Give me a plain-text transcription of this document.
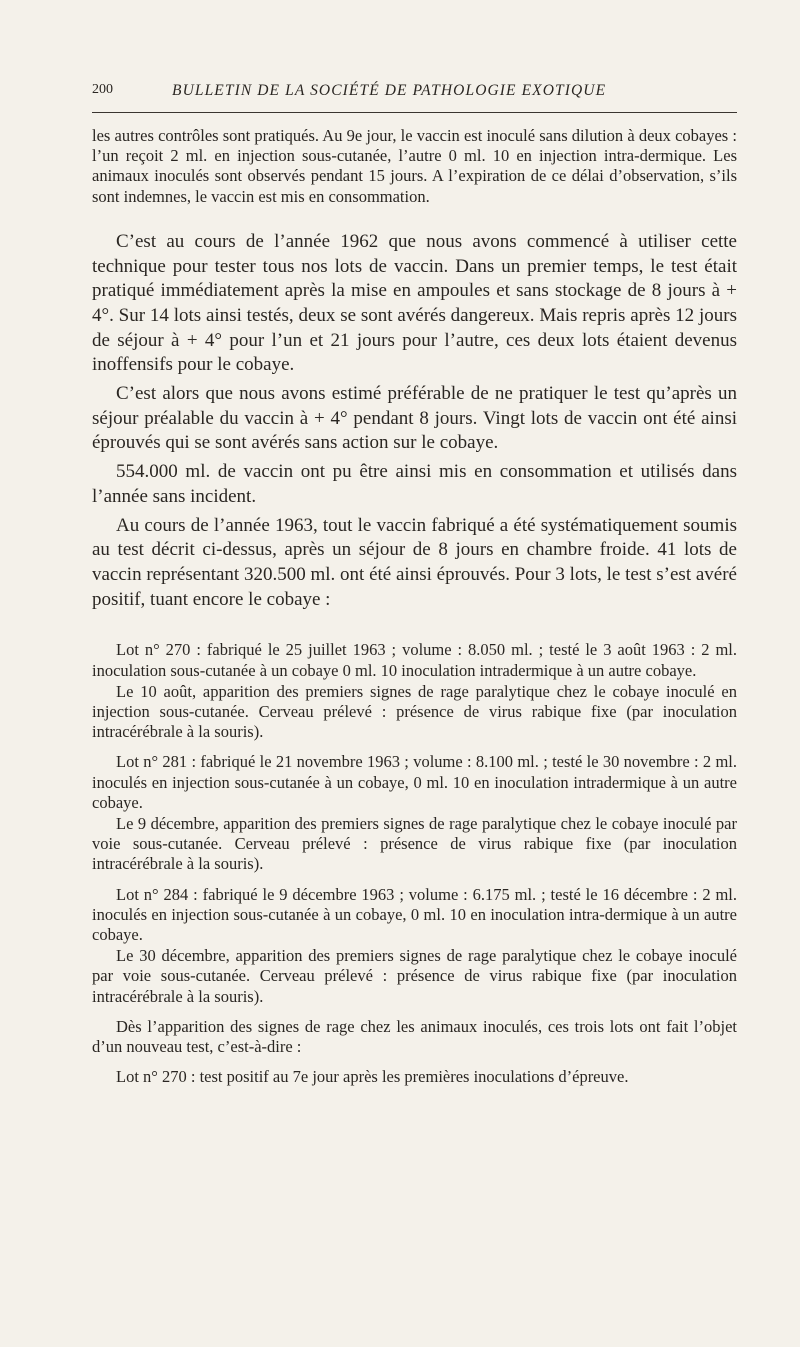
200	BULLETIN DE LA SOCIÉTÉ DE PATHOLOGIE EXOTIQUE

les autres contrôles sont pratiqués. Au 9e jour, le vaccin est inoculé sans dilution à deux cobayes : l’un reçoit 2 ml. en injection sous-cutanée, l’autre 0 ml. 10 en injection intra-dermique. Les animaux inoculés sont observés pendant 15 jours. A l’expiration de ce délai d’observation, s’ils sont indemnes, le vaccin est mis en consommation.

C’est au cours de l’année 1962 que nous avons commencé à utiliser cette technique pour tester tous nos lots de vaccin. Dans un premier temps, le test était pratiqué immédiatement après la mise en ampoules et sans stockage de 8 jours à + 4°. Sur 14 lots ainsi testés, deux se sont avérés dangereux. Mais repris après 12 jours de séjour à + 4° pour l’un et 21 jours pour l’autre, ces deux lots étaient devenus inoffensifs pour le cobaye.

C’est alors que nous avons estimé préférable de ne pratiquer le test qu’après un séjour préalable du vaccin à + 4° pendant 8 jours. Vingt lots de vaccin ont été ainsi éprouvés qui se sont avérés sans action sur le cobaye.

554.000 ml. de vaccin ont pu être ainsi mis en consommation et utilisés dans l’année sans incident.

Au cours de l’année 1963, tout le vaccin fabriqué a été systématiquement soumis au test décrit ci-dessus, après un séjour de 8 jours en chambre froide. 41 lots de vaccin représentant 320.500 ml. ont été ainsi éprouvés. Pour 3 lots, le test s’est avéré positif, tuant encore le cobaye :

Lot n° 270 : fabriqué le 25 juillet 1963 ; volume : 8.050 ml. ; testé le 3 août 1963 : 2 ml. inoculation sous-cutanée à un cobaye 0 ml. 10 inoculation intradermique à un autre cobaye.

Le 10 août, apparition des premiers signes de rage paralytique chez le cobaye inoculé en injection sous-cutanée. Cerveau prélevé : présence de virus rabique fixe (par inoculation intracérébrale à la souris).

Lot n° 281 : fabriqué le 21 novembre 1963 ; volume : 8.100 ml. ; testé le 30 novembre : 2 ml. inoculés en injection sous-cutanée à un cobaye, 0 ml. 10 en inoculation intradermique à un autre cobaye.

Le 9 décembre, apparition des premiers signes de rage paralytique chez le cobaye inoculé par voie sous-cutanée. Cerveau prélevé : présence de virus rabique fixe (par inoculation intracérébrale à la souris).

Lot n° 284 : fabriqué le 9 décembre 1963 ; volume : 6.175 ml. ; testé le 16 décembre : 2 ml. inoculés en injection sous-cutanée à un cobaye, 0 ml. 10 en inoculation intra-dermique à un autre cobaye.

Le 30 décembre, apparition des premiers signes de rage paralytique chez le cobaye inoculé par voie sous-cutanée. Cerveau prélevé : présence de virus rabique fixe (par inoculation intracérébrale à la souris).

Dès l’apparition des signes de rage chez les animaux inoculés, ces trois lots ont fait l’objet d’un nouveau test, c’est-à-dire :

Lot n° 270 : test positif au 7e jour après les premières inoculations d’épreuve.
